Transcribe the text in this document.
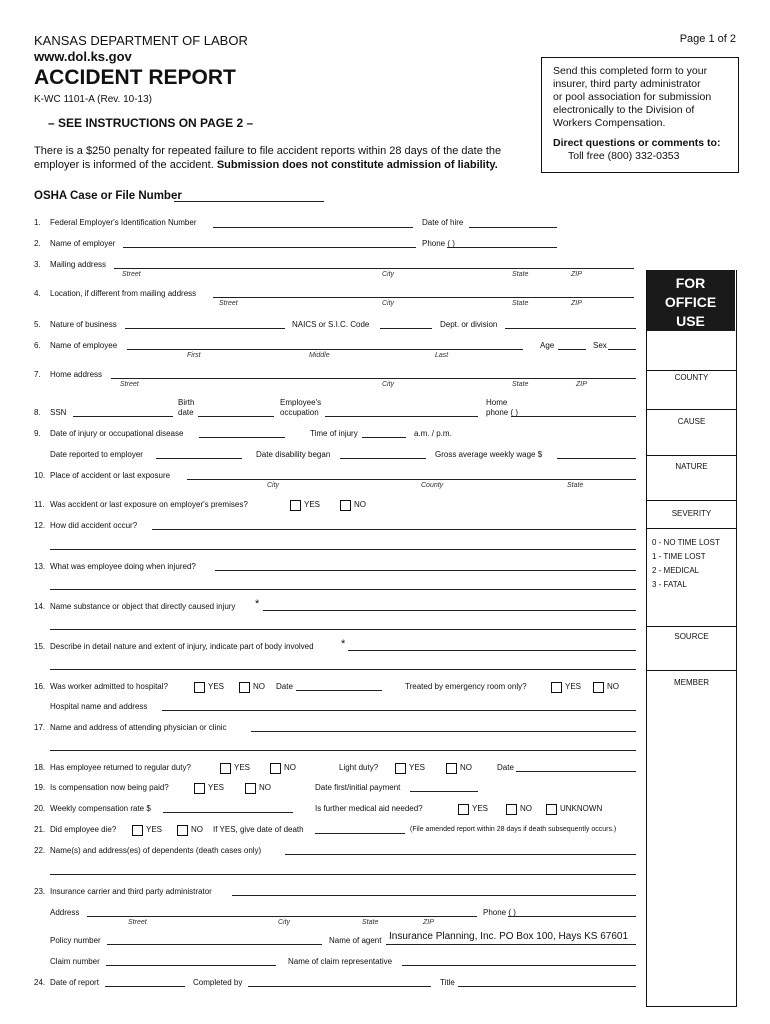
KANSAS DEPARTMENT OF LABOR
www.dol.ks.gov
Page 1 of 2
ACCIDENT REPORT
K-WC 1101-A (Rev. 10-13)
– SEE INSTRUCTIONS ON PAGE 2 –
There is a $250 penalty for repeated failure to file accident reports within 28 days of the date the
employer is informed of the accident. Submission does not constitute admission of liability.
Send this completed form to your
insurer, third party administrator
or pool association for submission
electronically to the Division of
Workers Compensation.
Direct questions or comments to:
Toll free (800) 332-0353
OSHA Case or File Number
FOR
OFFICE
USE
COUNTY
CAUSE
NATURE
SEVERITY
0 - NO TIME LOST
1 - TIME LOST
2 - MEDICAL
3 - FATAL
SOURCE
MEMBER
1. Federal Employer's Identification Number	Date of hire
2. Name of employer	Phone ( )
3. Mailing address
Street	City	State	ZIP
4. Location, if different from mailing address
Street	City	State	ZIP
5. Nature of business	NAICS or S.I.C. Code	Dept. or division
6. Name of employee
First	Middle	Last
Age	Sex
7. Home address
Street	City	State	ZIP
Birth	Employee's	Home
8. SSN	date	occupation	phone ( )
9. Date of injury or occupational disease	Time of injury	a.m. / p.m.
Date reported to employer	Date disability began	Gross average weekly wage $
10. Place of accident or last exposure
City	County	State
11. Was accident or last exposure on employer's premises?	YES	NO
12. How did accident occur?
13. What was employee doing when injured?
14. Name substance or object that directly caused injury *
15. Describe in detail nature and extent of injury, indicate part of body involved *
16. Was worker admitted to hospital?	YES	NO Date	Treated by emergency room only?	YES	NO
Hospital name and address
17. Name and address of attending physician or clinic
18. Has employee returned to regular duty?	YES	NO	Light duty?	YES	NO	Date
19. Is compensation now being paid?	YES	NO	Date first/initial payment
20. Weekly compensation rate $	Is further medical aid needed?	YES	NO	UNKNOWN
21. Did employee die?	YES	NO If YES, give date of death	(File amended report within 28 days if death subsequently occurs.)
22. Name(s) and address(es) of dependents (death cases only)
23. Insurance carrier and third party administrator
Address	Phone ( )
Street	City	State	ZIP
Policy number	Name of agent Insurance Planning, Inc. PO Box 100, Hays KS 67601
Claim number	Name of claim representative
24. Date of report	Completed by	Title
